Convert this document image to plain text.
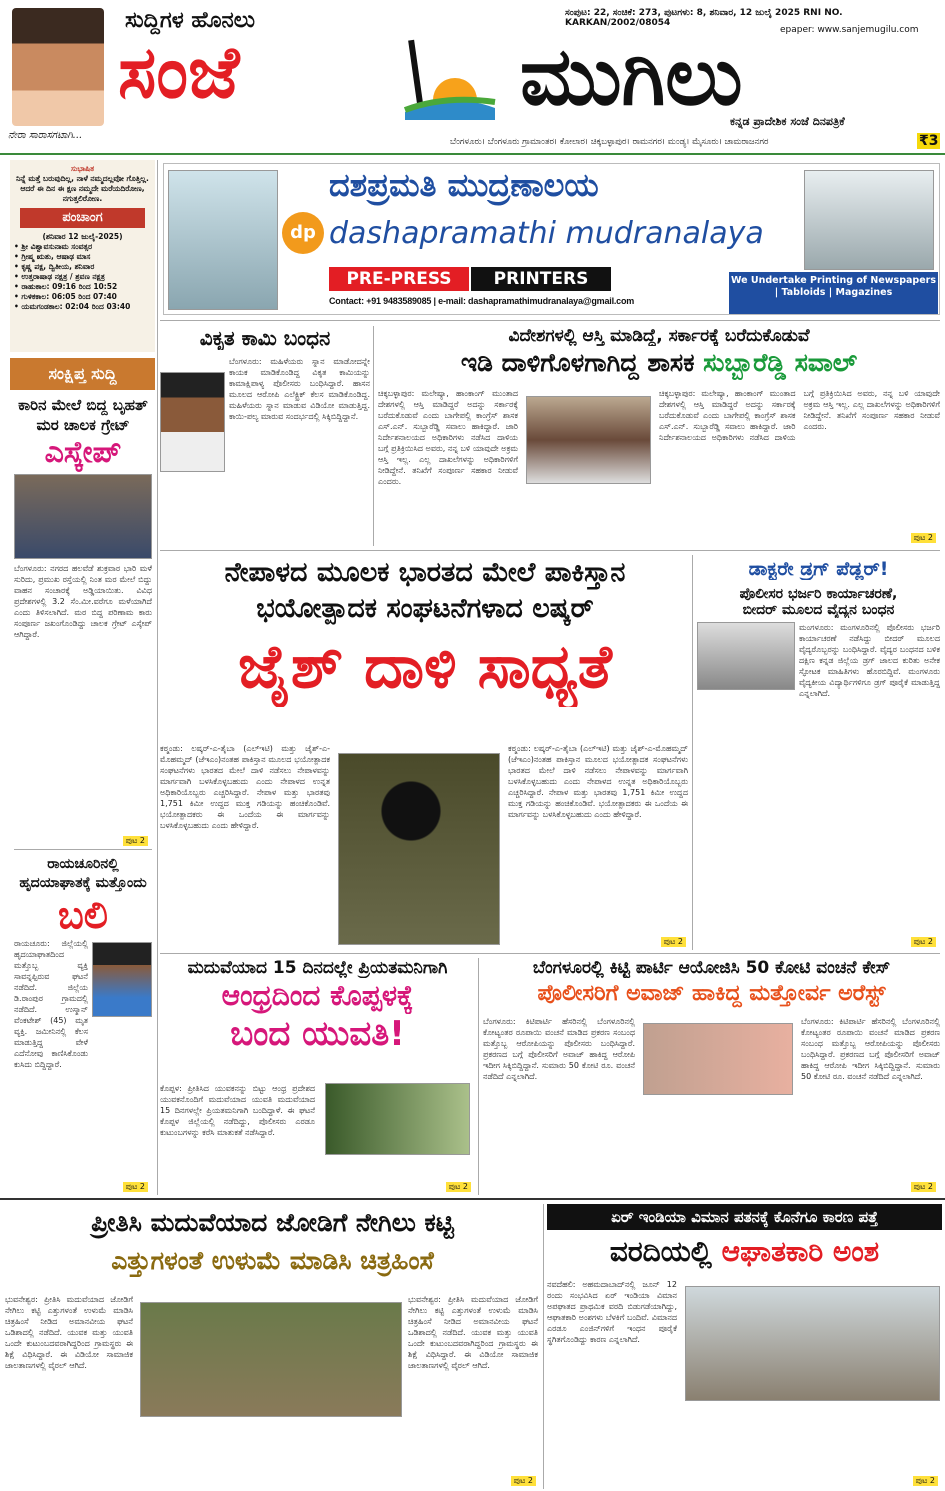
ನೇರಾ ಸಾರಾಸಗಟಾಗಿ...
ಸುದ್ದಿಗಳ ಹೊನಲು
ಸಂಜೆ	ಮುಗಿಲು
ಸಂಪುಟ: 22, ಸಂಚಿಕೆ: 273, ಪುಟಗಳು: 8, ಶನಿವಾರ, 12 ಜುಲೈ 2025 RNI NO. KARKAN/2002/08054
epaper: www.sanjemugilu.com
ಕನ್ನಡ ಪ್ರಾದೇಶಿಕ ಸಂಜೆ ದಿನಪತ್ರಿಕೆ
ಬೆಂಗಳೂರು। ಬೆಂಗಳೂರು ಗ್ರಾಮಾಂತರ। ಕೋಲಾರ। ಚಿಕ್ಕಬಳ್ಳಾಪುರ। ರಾಮನಗರ। ಮಂಡ್ಯ। ಮೈಸೂರು। ಚಾಮರಾಜನಗರ	₹3
ಸುಭಾಷಿತ
ನಿನ್ನೆ ಮತ್ತೆ ಬರುವುದಿಲ್ಲ, ನಾಳೆ ನಮ್ಮದಲ್ಲವೋ ಗೊತ್ತಿಲ್ಲ. ಆದರೆ ಈ ದಿನ ಈ ಕ್ಷಣ ನಮ್ಮದೇ ಮರೆಯದಿರೋಣ, ನಗುತ್ತಲಿರೋಣ.
ಪಂಚಾಂಗ
(ಶನಿವಾರ 12 ಜುಲೈ-2025)
• ಶ್ರೀ ವಿಶ್ವಾವಸುನಾಮ ಸಂವತ್ಸರ
• ಗ್ರೀಷ್ಮ ಋತು, ಆಷಾಢ ಮಾಸ
• ಕೃಷ್ಣ ಪಕ್ಷ, ದ್ವಿತೀಯ, ಶನಿವಾರ
• ಉತ್ತರಾಷಾಢ ನಕ್ಷತ್ರ / ಶ್ರವಣ ನಕ್ಷತ್ರ
• ರಾಹುಕಾಲ: 09:16 ರಿಂದ 10:52
• ಗುಳಿಕಕಾಲ: 06:05 ರಿಂದ 07:40
• ಯಮಗಂಡಕಾಲ: 02:04 ರಿಂದ 03:40
ಸಂಕ್ಷಿಪ್ತ ಸುದ್ದಿ
ಕಾರಿನ ಮೇಲೆ ಬಿದ್ದ ಬೃಹತ್ ಮರ ಚಾಲಕ ಗ್ರೇಟ್
ಎಸ್ಕೇಪ್
ಬೆಂಗಳೂರು: ನಗರದ ಹಲವೆಡೆ ಶುಕ್ರವಾರ ಭಾರಿ ಮಳೆ ಸುರಿದು, ಪ್ರಮುಖ ರಸ್ತೆಯಲ್ಲಿ ನಿಂತ ಮರ ಮೇಲೆ ಬಿದ್ದು ವಾಹನ ಸಂಚಾರಕ್ಕೆ ಅಡ್ಡಿಯಾಯಿತು. ವಿವಿಧ ಪ್ರದೇಶಗಳಲ್ಲಿ 3.2 ಸೆಂ.ಮೀ.ವರೆಗೂ ಮಳೆಯಾಗಿದೆ ಎಂದು ತಿಳಿಸಲಾಗಿದೆ. ಮರ ಬಿದ್ದ ಪರಿಣಾಮ ಕಾರು ಸಂಪೂರ್ಣ ಜಖಂಗೊಂಡಿದ್ದು ಚಾಲಕ ಗ್ರೇಟ್ ಎಸ್ಕೇಪ್ ಆಗಿದ್ದಾರೆ.
ಪುಟ 2
ರಾಯಚೂರಿನಲ್ಲಿ ಹೃದಯಾಘಾತಕ್ಕೆ ಮತ್ತೊಂದು
ಬಲಿ
ರಾಯಚೂರು: ಜಿಲ್ಲೆಯಲ್ಲಿ ಹೃದಯಾಘಾತದಿಂದ ಮತ್ತೊಬ್ಬ ವ್ಯಕ್ತಿ ಸಾವನ್ನಪ್ಪಿರುವ ಘಟನೆ ನಡೆದಿದೆ. ಜಿಲ್ಲೆಯ ಡಿ.ರಾಂಪುರ ಗ್ರಾಮದಲ್ಲಿ ನಡೆದಿದೆ. ಉಸ್ಮಾನ್ ವೆಂಕಟೇಶ್ (45) ಮೃತ ವ್ಯಕ್ತಿ. ಜಮೀನಿನಲ್ಲಿ ಕೆಲಸ ಮಾಡುತ್ತಿದ್ದ ವೇಳೆ ಎದೆನೋವು ಕಾಣಿಸಿಕೊಂಡು ಕುಸಿದು ಬಿದ್ದಿದ್ದಾರೆ.
ಪುಟ 2
ದಶಪ್ರಮತಿ ಮುದ್ರಣಾಲಯ
dp dashapramathi mudranalaya
PRE-PRESS	PRINTERS
Contact: +91 9483589085 | e-mail: dashapramathimudranalaya@gmail.com
We Undertake Printing of Newspapers | Tabloids | Magazines
ವಿಕೃತ ಕಾಮಿ ಬಂಧನ
ಬೆಂಗಳೂರು: ಮಹಿಳೆಯರು ಸ್ನಾನ ಮಾಡೋದನ್ನೇ ಕಾಯಕ ಮಾಡಿಕೊಂಡಿದ್ದ ವಿಕೃತ ಕಾಮಿಯನ್ನು ಕಾಮಾಕ್ಷಿಪಾಳ್ಯ ಪೊಲೀಸರು ಬಂಧಿಸಿದ್ದಾರೆ. ಹಾಸನ ಮೂಲದ ಆರೋಪಿ ಎಲೆಕ್ಟ್ರಿಕ್ ಕೆಲಸ ಮಾಡಿಕೊಂಡಿದ್ದ. ಮಹಿಳೆಯರು ಸ್ನಾನ ಮಾಡುವ ವಿಡಿಯೋ ಮಾಡುತ್ತಿದ್ದ. ಕಾಯಿ-ಪಲ್ಯ ಮಾರುವ ಸಂದರ್ಭದಲ್ಲಿ ಸಿಕ್ಕಿಬಿದ್ದಿದ್ದಾನೆ.
ವಿದೇಶಗಳಲ್ಲಿ ಆಸ್ತಿ ಮಾಡಿದ್ದೆ, ಸರ್ಕಾರಕ್ಕೆ ಬರೆದುಕೊಡುವೆ
ಇಡಿ ದಾಳಿಗೊಳಗಾಗಿದ್ದ ಶಾಸಕ ಸುಬ್ಬಾರೆಡ್ಡಿ ಸವಾಲ್
ಚಿಕ್ಕಬಳ್ಳಾಪುರ: ಮಲೇಷ್ಯಾ, ಹಾಂಕಾಂಗ್ ಮುಂತಾದ ದೇಶಗಳಲ್ಲಿ ಆಸ್ತಿ ಮಾಡಿದ್ದರೆ ಅದನ್ನು ಸರ್ಕಾರಕ್ಕೆ ಬರೆದುಕೊಡುವೆ ಎಂದು ಬಾಗೇಪಲ್ಲಿ ಕಾಂಗ್ರೆಸ್ ಶಾಸಕ ಎಸ್.ಎನ್. ಸುಬ್ಬಾರೆಡ್ಡಿ ಸವಾಲು ಹಾಕಿದ್ದಾರೆ. ಜಾರಿ ನಿರ್ದೇಶನಾಲಯದ ಅಧಿಕಾರಿಗಳು ನಡೆಸಿದ ದಾಳಿಯ ಬಗ್ಗೆ ಪ್ರತಿಕ್ರಿಯಿಸಿದ ಅವರು, ನನ್ನ ಬಳಿ ಯಾವುದೇ ಅಕ್ರಮ ಆಸ್ತಿ ಇಲ್ಲ. ಎಲ್ಲ ದಾಖಲೆಗಳನ್ನು ಅಧಿಕಾರಿಗಳಿಗೆ ನೀಡಿದ್ದೇನೆ. ತನಿಖೆಗೆ ಸಂಪೂರ್ಣ ಸಹಕಾರ ನೀಡುವೆ ಎಂದರು.
ಚಿಕ್ಕಬಳ್ಳಾಪುರ: ಮಲೇಷ್ಯಾ, ಹಾಂಕಾಂಗ್ ಮುಂತಾದ ದೇಶಗಳಲ್ಲಿ ಆಸ್ತಿ ಮಾಡಿದ್ದರೆ ಅದನ್ನು ಸರ್ಕಾರಕ್ಕೆ ಬರೆದುಕೊಡುವೆ ಎಂದು ಬಾಗೇಪಲ್ಲಿ ಕಾಂಗ್ರೆಸ್ ಶಾಸಕ ಎಸ್.ಎನ್. ಸುಬ್ಬಾರೆಡ್ಡಿ ಸವಾಲು ಹಾಕಿದ್ದಾರೆ. ಜಾರಿ ನಿರ್ದೇಶನಾಲಯದ ಅಧಿಕಾರಿಗಳು ನಡೆಸಿದ ದಾಳಿಯ ಬಗ್ಗೆ ಪ್ರತಿಕ್ರಿಯಿಸಿದ ಅವರು, ನನ್ನ ಬಳಿ ಯಾವುದೇ ಅಕ್ರಮ ಆಸ್ತಿ ಇಲ್ಲ. ಎಲ್ಲ ದಾಖಲೆಗಳನ್ನು ಅಧಿಕಾರಿಗಳಿಗೆ ನೀಡಿದ್ದೇನೆ. ತನಿಖೆಗೆ ಸಂಪೂರ್ಣ ಸಹಕಾರ ನೀಡುವೆ ಎಂದರು.
ಪುಟ 2
ನೇಪಾಳದ ಮೂಲಕ ಭಾರತದ ಮೇಲೆ ಪಾಕಿಸ್ತಾನ
ಭಯೋತ್ಪಾದಕ ಸಂಘಟನೆಗಳಾದ ಲಷ್ಕರ್
ಜೈಶ್ ದಾಳಿ ಸಾಧ್ಯತೆ
ಕಠ್ಮಂಡು: ಲಷ್ಕರ್-ಎ-ತೈಬಾ (ಎಲ್‌ಇಟಿ) ಮತ್ತು ಜೈಶ್-ಎ-ಮೊಹಮ್ಮದ್ (ಜೆಇಎಂ)ನಂತಹ ಪಾಕಿಸ್ತಾನ ಮೂಲದ ಭಯೋತ್ಪಾದಕ ಸಂಘಟನೆಗಳು ಭಾರತದ ಮೇಲೆ ದಾಳಿ ನಡೆಸಲು ನೇಪಾಳವನ್ನು ಮಾರ್ಗವಾಗಿ ಬಳಸಿಕೊಳ್ಳಬಹುದು ಎಂದು ನೇಪಾಳದ ಉನ್ನತ ಅಧಿಕಾರಿಯೊಬ್ಬರು ಎಚ್ಚರಿಸಿದ್ದಾರೆ. ನೇಪಾಳ ಮತ್ತು ಭಾರತವು 1,751 ಕಿಮೀ ಉದ್ದದ ಮುಕ್ತ ಗಡಿಯನ್ನು ಹಂಚಿಕೊಂಡಿವೆ. ಭಯೋತ್ಪಾದಕರು ಈ ಒಂದೆಯ ಈ ಮಾರ್ಗವನ್ನು ಬಳಸಿಕೊಳ್ಳಬಹುದು ಎಂದು ಹೇಳಿದ್ದಾರೆ.
ಕಠ್ಮಂಡು: ಲಷ್ಕರ್-ಎ-ತೈಬಾ (ಎಲ್‌ಇಟಿ) ಮತ್ತು ಜೈಶ್-ಎ-ಮೊಹಮ್ಮದ್ (ಜೆಇಎಂ)ನಂತಹ ಪಾಕಿಸ್ತಾನ ಮೂಲದ ಭಯೋತ್ಪಾದಕ ಸಂಘಟನೆಗಳು ಭಾರತದ ಮೇಲೆ ದಾಳಿ ನಡೆಸಲು ನೇಪಾಳವನ್ನು ಮಾರ್ಗವಾಗಿ ಬಳಸಿಕೊಳ್ಳಬಹುದು ಎಂದು ನೇಪಾಳದ ಉನ್ನತ ಅಧಿಕಾರಿಯೊಬ್ಬರು ಎಚ್ಚರಿಸಿದ್ದಾರೆ. ನೇಪಾಳ ಮತ್ತು ಭಾರತವು 1,751 ಕಿಮೀ ಉದ್ದದ ಮುಕ್ತ ಗಡಿಯನ್ನು ಹಂಚಿಕೊಂಡಿವೆ. ಭಯೋತ್ಪಾದಕರು ಈ ಒಂದೆಯ ಈ ಮಾರ್ಗವನ್ನು ಬಳಸಿಕೊಳ್ಳಬಹುದು ಎಂದು ಹೇಳಿದ್ದಾರೆ.
ಪುಟ 2
ಡಾಕ್ಟರೇ ಡ್ರಗ್ ಪೆಡ್ಲರ್!
ಪೊಲೀಸರ ಭರ್ಜರಿ ಕಾರ್ಯಾಚರಣೆ,
ಬೀದರ್ ಮೂಲದ ವೈದ್ಯನ ಬಂಧನ
ಮಂಗಳೂರು: ಮಂಗಳೂರಿನಲ್ಲಿ ಪೊಲೀಸರು ಭರ್ಜರಿ ಕಾರ್ಯಾಚರಣೆ ನಡೆಸಿದ್ದು ಬೀದರ್ ಮೂಲದ ವೈದ್ಯರೊಬ್ಬರನ್ನು ಬಂಧಿಸಿದ್ದಾರೆ. ವೈದ್ಯರ ಬಂಧನದ ಬಳಿಕ ದಕ್ಷಿಣ ಕನ್ನಡ ಜಿಲ್ಲೆಯ ಡ್ರಗ್ ಜಾಲದ ಕುರಿತು ಅನೇಕ ಸ್ಫೋಟಕ ಮಾಹಿತಿಗಳು ಹೊರಬಿದ್ದಿವೆ. ಮಂಗಳೂರು ವೈದ್ಯಕೀಯ ವಿದ್ಯಾರ್ಥಿಗಳಿಗೂ ಡ್ರಗ್ ಪೂರೈಕೆ ಮಾಡುತ್ತಿದ್ದ ಎನ್ನಲಾಗಿದೆ.
ಪುಟ 2
ಮದುವೆಯಾದ 15 ದಿನದಲ್ಲೇ ಪ್ರಿಯತಮನಿಗಾಗಿ
ಆಂಧ್ರದಿಂದ ಕೊಪ್ಪಳಕ್ಕೆ
ಬಂದ ಯುವತಿ!
ಕೊಪ್ಪಳ: ಪ್ರೀತಿಸಿದ ಯುವಕನನ್ನು ಬಿಟ್ಟು ಆಂಧ್ರ ಪ್ರದೇಶದ ಯುವಕನೊಂದಿಗೆ ಮದುವೆಯಾದ ಯುವತಿ ಮದುವೆಯಾದ 15 ದಿನಗಳಲ್ಲೇ ಪ್ರಿಯತಮನಿಗಾಗಿ ಬಂದಿದ್ದಾಳೆ. ಈ ಘಟನೆ ಕೊಪ್ಪಳ ಜಿಲ್ಲೆಯಲ್ಲಿ ನಡೆದಿದ್ದು, ಪೊಲೀಸರು ಎರಡೂ ಕುಟುಂಬಗಳನ್ನು ಕರೆಸಿ ಮಾತುಕತೆ ನಡೆಸಿದ್ದಾರೆ.
ಪುಟ 2
ಬೆಂಗಳೂರಲ್ಲಿ ಕಿಟ್ಟಿ ಪಾರ್ಟಿ ಆಯೋಜಿಸಿ 50 ಕೋಟಿ ವಂಚನೆ ಕೇಸ್
ಪೊಲೀಸರಿಗೆ ಅವಾಜ್ ಹಾಕಿದ್ದ ಮತ್ತೋರ್ವ ಅರೆಸ್ಟ್
ಬೆಂಗಳೂರು: ಕಿಟಿಪಾರ್ಟಿ ಹೆಸರಿನಲ್ಲಿ ಬೆಂಗಳೂರಿನಲ್ಲಿ ಕೋಟ್ಯಂತರ ರೂಪಾಯಿ ವಂಚನೆ ಮಾಡಿದ ಪ್ರಕರಣ ಸಂಬಂಧ ಮತ್ತೊಬ್ಬ ಆರೋಪಿಯನ್ನು ಪೊಲೀಸರು ಬಂಧಿಸಿದ್ದಾರೆ. ಪ್ರಕರಣದ ಬಗ್ಗೆ ಪೊಲೀಸರಿಗೆ ಅವಾಜ್ ಹಾಕಿದ್ದ ಆರೋಪಿ ಇದೀಗ ಸಿಕ್ಕಿಬಿದ್ದಿದ್ದಾನೆ. ಸುಮಾರು 50 ಕೋಟಿ ರೂ. ವಂಚನೆ ನಡೆದಿದೆ ಎನ್ನಲಾಗಿದೆ.
ಬೆಂಗಳೂರು: ಕಿಟಿಪಾರ್ಟಿ ಹೆಸರಿನಲ್ಲಿ ಬೆಂಗಳೂರಿನಲ್ಲಿ ಕೋಟ್ಯಂತರ ರೂಪಾಯಿ ವಂಚನೆ ಮಾಡಿದ ಪ್ರಕರಣ ಸಂಬಂಧ ಮತ್ತೊಬ್ಬ ಆರೋಪಿಯನ್ನು ಪೊಲೀಸರು ಬಂಧಿಸಿದ್ದಾರೆ. ಪ್ರಕರಣದ ಬಗ್ಗೆ ಪೊಲೀಸರಿಗೆ ಅವಾಜ್ ಹಾಕಿದ್ದ ಆರೋಪಿ ಇದೀಗ ಸಿಕ್ಕಿಬಿದ್ದಿದ್ದಾನೆ. ಸುಮಾರು 50 ಕೋಟಿ ರೂ. ವಂಚನೆ ನಡೆದಿದೆ ಎನ್ನಲಾಗಿದೆ.
ಪುಟ 2
ಪ್ರೀತಿಸಿ ಮದುವೆಯಾದ ಜೋಡಿಗೆ ನೇಗಿಲು ಕಟ್ಟಿ
ಎತ್ತುಗಳಂತೆ ಉಳುಮೆ ಮಾಡಿಸಿ ಚಿತ್ರಹಿಂಸೆ
ಭುವನೇಶ್ವರ: ಪ್ರೀತಿಸಿ ಮದುವೆಯಾದ ಜೋಡಿಗೆ ನೇಗಿಲು ಕಟ್ಟಿ ಎತ್ತುಗಳಂತೆ ಉಳುಮೆ ಮಾಡಿಸಿ ಚಿತ್ರಹಿಂಸೆ ನೀಡಿದ ಅಮಾನವೀಯ ಘಟನೆ ಒಡಿಶಾದಲ್ಲಿ ನಡೆದಿದೆ. ಯುವಕ ಮತ್ತು ಯುವತಿ ಒಂದೇ ಕುಟುಂಬದವರಾಗಿದ್ದರಿಂದ ಗ್ರಾಮಸ್ಥರು ಈ ಶಿಕ್ಷೆ ವಿಧಿಸಿದ್ದಾರೆ. ಈ ವಿಡಿಯೋ ಸಾಮಾಜಿಕ ಜಾಲತಾಣಗಳಲ್ಲಿ ವೈರಲ್ ಆಗಿದೆ.
ಭುವನೇಶ್ವರ: ಪ್ರೀತಿಸಿ ಮದುವೆಯಾದ ಜೋಡಿಗೆ ನೇಗಿಲು ಕಟ್ಟಿ ಎತ್ತುಗಳಂತೆ ಉಳುಮೆ ಮಾಡಿಸಿ ಚಿತ್ರಹಿಂಸೆ ನೀಡಿದ ಅಮಾನವೀಯ ಘಟನೆ ಒಡಿಶಾದಲ್ಲಿ ನಡೆದಿದೆ. ಯುವಕ ಮತ್ತು ಯುವತಿ ಒಂದೇ ಕುಟುಂಬದವರಾಗಿದ್ದರಿಂದ ಗ್ರಾಮಸ್ಥರು ಈ ಶಿಕ್ಷೆ ವಿಧಿಸಿದ್ದಾರೆ. ಈ ವಿಡಿಯೋ ಸಾಮಾಜಿಕ ಜಾಲತಾಣಗಳಲ್ಲಿ ವೈರಲ್ ಆಗಿದೆ.
ಪುಟ 2
ಏರ್ ಇಂಡಿಯಾ ವಿಮಾನ ಪತನಕ್ಕೆ ಕೊನೆಗೂ ಕಾರಣ ಪತ್ತೆ
ವರದಿಯಲ್ಲಿ ಆಘಾತಕಾರಿ ಅಂಶ
ನವದೆಹಲಿ: ಅಹಮದಾಬಾದ್‌ನಲ್ಲಿ ಜೂನ್ 12 ರಂದು ಸಂಭವಿಸಿದ ಏರ್ ಇಂಡಿಯಾ ವಿಮಾನ ಅಪಘಾತದ ಪ್ರಾಥಮಿಕ ವರದಿ ಬಿಡುಗಡೆಯಾಗಿದ್ದು, ಆಘಾತಕಾರಿ ಅಂಶಗಳು ಬೆಳಕಿಗೆ ಬಂದಿವೆ. ವಿಮಾನದ ಎರಡೂ ಎಂಜಿನ್‌ಗಳಿಗೆ ಇಂಧನ ಪೂರೈಕೆ ಸ್ಥಗಿತಗೊಂಡಿದ್ದು ಕಾರಣ ಎನ್ನಲಾಗಿದೆ.
ಪುಟ 2
